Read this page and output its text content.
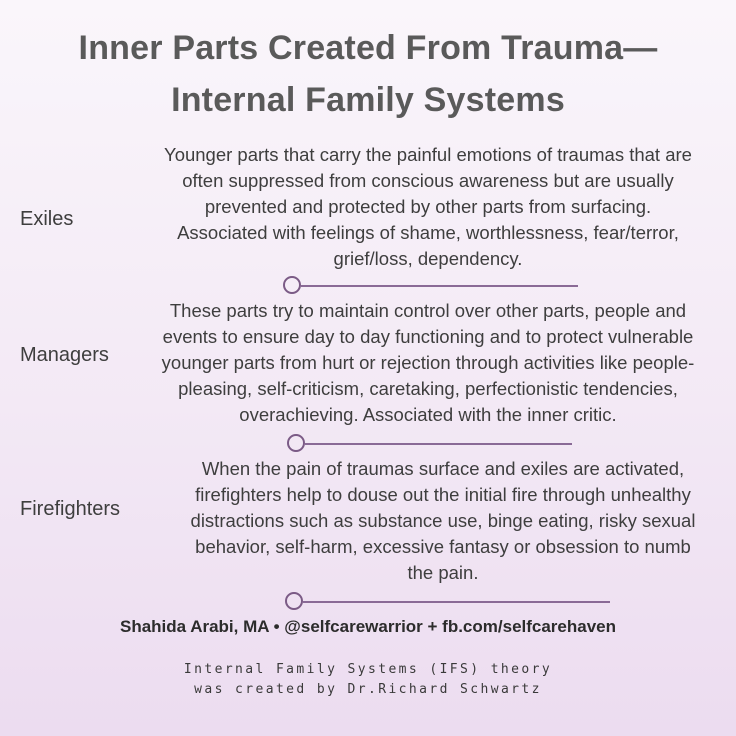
Inner Parts Created From Trauma—
Internal Family Systems
Exiles
Younger parts that carry the painful emotions of traumas that are
often suppressed from conscious awareness but are usually
prevented and protected by other parts from surfacing.
Associated with feelings of shame, worthlessness, fear/terror,
grief/loss, dependency.
Managers
These parts try to maintain control over other parts, people and
events to ensure day to day functioning and to protect vulnerable
younger parts from hurt or rejection through activities like people-
pleasing, self-criticism, caretaking, perfectionistic tendencies,
overachieving. Associated with the inner critic.
Firefighters
When the pain of traumas surface and exiles are activated,
firefighters help to douse out the initial fire through unhealthy
distractions such as substance use, binge eating, risky sexual
behavior, self-harm, excessive fantasy or obsession to numb
the pain.
Shahida Arabi, MA • @selfcarewarrior + fb.com/selfcarehaven
Internal Family Systems (IFS) theory
was created by Dr.Richard Schwartz
